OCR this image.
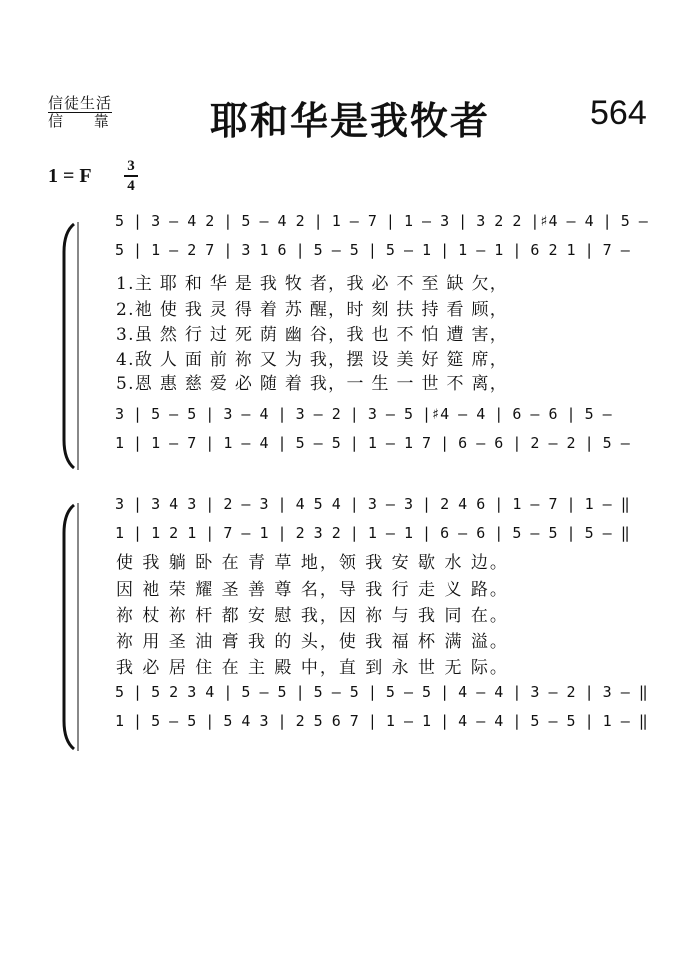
信徒生活
信 靠 耶和华是我牧者	564
1 = F 3
4
5 | 3 – 4 2 | 5 – 4 2 | 1 – 7 | 1 – 3 | 3 2 2 |♯4 – 4 | 5 –
5 | 1 – 2 7 | 3 1 6 | 5 – 5 | 5 – 1 | 1 – 1 | 6 2 1 | 7 –
1.主 耶 和 华 是 我 牧 者，我 必 不 至 缺 欠，
2.祂 使 我 灵 得 着 苏 醒，时 刻 扶 持 看 顾，
3.虽 然 行 过 死 荫 幽 谷，我 也 不 怕 遭 害，
4.敌 人 面 前 祢 又 为 我，摆 设 美 好 筵 席，
5.恩 惠 慈 爱 必 随 着 我，一 生 一 世 不 离，
3 | 5 – 5 | 3 – 4 | 3 – 2 | 3 – 5 |♯4 – 4 | 6 – 6 | 5 –
1 | 1 – 7 | 1 – 4 | 5 – 5 | 1 – 1 7 | 6 – 6 | 2 – 2 | 5 –
3 | 3 4 3 | 2 – 3 | 4 5 4 | 3 – 3 | 2 4 6 | 1 – 7 | 1 – ‖
1 | 1 2 1 | 7 – 1 | 2 3 2 | 1 – 1 | 6 – 6 | 5 – 5 | 5 – ‖
使 我 躺 卧 在 青 草 地，领 我 安 歇 水 边。
因 祂 荣 耀 圣 善 尊 名，导 我 行 走 义 路。
祢 杖 祢 杆 都 安 慰 我，因 祢 与 我 同 在。
祢 用 圣 油 膏 我 的 头，使 我 福 杯 满 溢。
我 必 居 住 在 主 殿 中，直 到 永 世 无 际。
5 | 5 2 3 4 | 5 – 5 | 5 – 5 | 5 – 5 | 4 – 4 | 3 – 2 | 3 – ‖
1 | 5 – 5 | 5 4 3 | 2 5 6 7 | 1 – 1 | 4 – 4 | 5 – 5 | 1 – ‖
